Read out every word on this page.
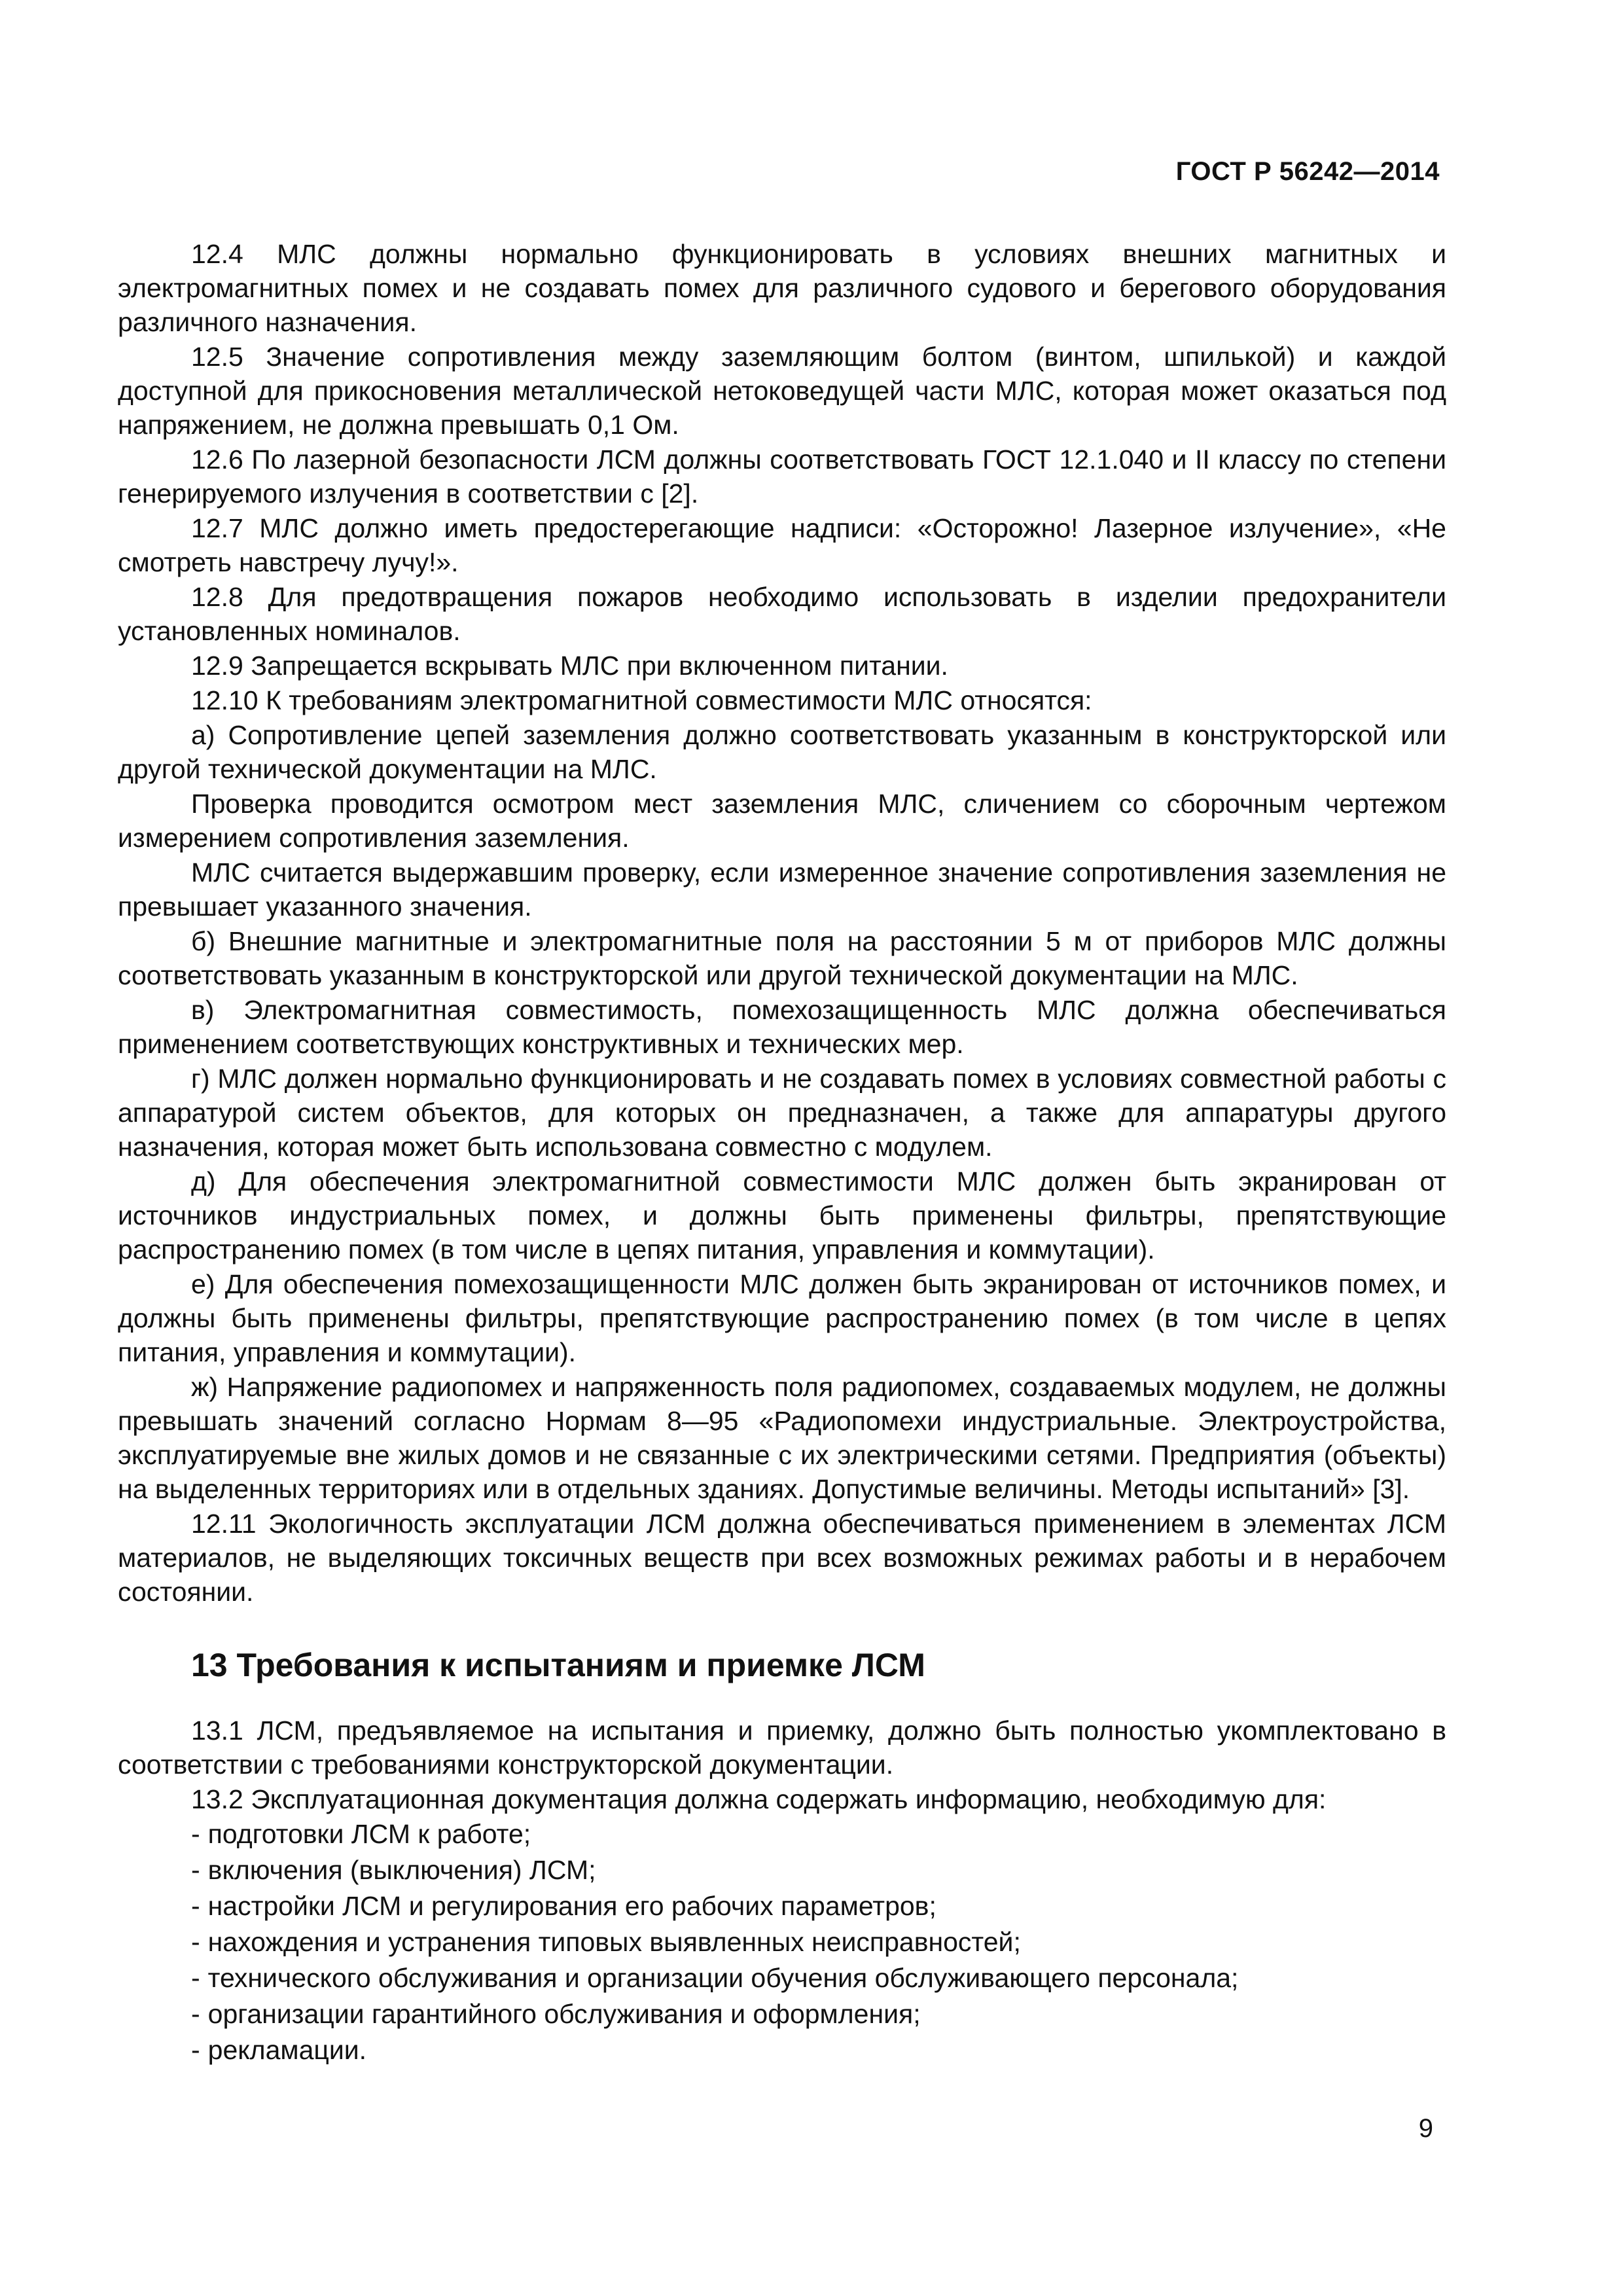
ГОСТ Р 56242—2014

12.4 МЛС должны нормально функционировать в условиях внешних магнитных и электромагнитных помех и не создавать помех для различного судового и берегового оборудования различного назначения.

12.5 Значение сопротивления между заземляющим болтом (винтом, шпилькой) и каждой доступной для прикосновения металлической нетоковедущей части МЛС, которая может оказаться под напряжением, не должна превышать 0,1 Ом.

12.6 По лазерной безопасности ЛСМ должны соответствовать ГОСТ 12.1.040 и II классу по степени генерируемого излучения в соответствии с [2].

12.7 МЛС должно иметь предостерегающие надписи: «Осторожно! Лазерное излучение», «Не смотреть навстречу лучу!».

12.8 Для предотвращения пожаров необходимо использовать в изделии предохранители установленных номиналов.

12.9 Запрещается вскрывать МЛС при включенном питании.

12.10 К требованиям электромагнитной совместимости МЛС относятся:

а) Сопротивление цепей заземления должно соответствовать указанным в конструкторской или другой технической документации на МЛС.

Проверка проводится осмотром мест заземления МЛС, сличением со сборочным чертежом измерением сопротивления заземления.

МЛС считается выдержавшим проверку, если измеренное значение сопротивления заземления не превышает указанного значения.

б) Внешние магнитные и электромагнитные поля на расстоянии 5 м от приборов МЛС должны соответствовать указанным в конструкторской или другой технической документации на МЛС.

в) Электромагнитная совместимость, помехозащищенность МЛС должна обеспечиваться применением соответствующих конструктивных и технических мер.

г) МЛС должен нормально функционировать и не создавать помех в условиях совместной работы с аппаратурой систем объектов, для которых он предназначен, а также для аппаратуры другого назначения, которая может быть использована совместно с модулем.

д) Для обеспечения электромагнитной совместимости МЛС должен быть экранирован от источников индустриальных помех, и должны быть применены фильтры, препятствующие распространению помех (в том числе в цепях питания, управления и коммутации).

е) Для обеспечения помехозащищенности МЛС должен быть экранирован от источников помех, и должны быть применены фильтры, препятствующие распространению помех (в том числе в цепях питания, управления и коммутации).

ж) Напряжение радиопомех и напряженность поля радиопомех, создаваемых модулем, не должны превышать значений согласно Нормам 8—95 «Радиопомехи индустриальные. Электроустройства, эксплуатируемые вне жилых домов и не связанные с их электрическими сетями. Предприятия (объекты) на выделенных территориях или в отдельных зданиях. Допустимые величины. Методы испытаний» [3].

12.11 Экологичность эксплуатации ЛСМ должна обеспечиваться применением в элементах ЛСМ материалов, не выделяющих токсичных веществ при всех возможных режимах работы и в нерабочем состоянии.

13 Требования к испытаниям и приемке ЛСМ

13.1 ЛСМ, предъявляемое на испытания и приемку, должно быть полностью укомплектовано в соответствии с требованиями конструкторской документации.

13.2 Эксплуатационная документация должна содержать информацию, необходимую для:

- подготовки ЛСМ к работе;
- включения (выключения) ЛСМ;
- настройки ЛСМ и регулирования его рабочих параметров;
- нахождения и устранения типовых выявленных неисправностей;
- технического обслуживания и организации обучения обслуживающего персонала;
- организации гарантийного обслуживания и оформления;
- рекламации.
9
